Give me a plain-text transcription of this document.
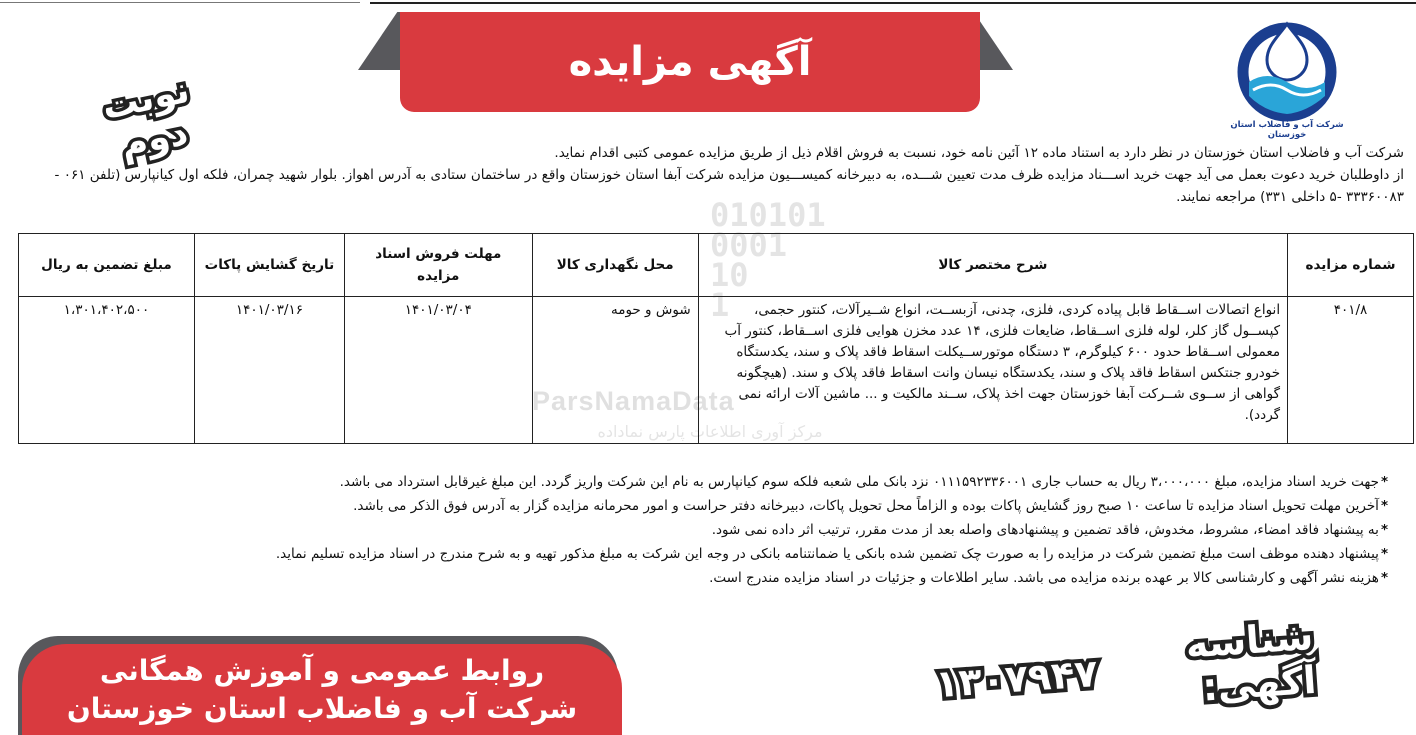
آگهی مزایده
شرکت آب و فاضلاب استان خوزستان
نوبت دوم	شرکت آب و فاضلاب استان خوزستان در نظر دارد به استناد ماده ۱۲ آئین نامه خود، نسبت به فروش اقلام ذیل از طریق مزایده عمومی کتبی اقدام نماید.

از داوطلبان خرید دعوت بعمل می آید جهت خرید اســـناد مزایده ظرف مدت تعیین شـــده، به دبیرخانه کمیســـیون مزایده شرکت آبفا استان خوزستان واقع در ساختمان ستادی به آدرس اهواز. بلوار شهید چمران، فلکه اول کیانپارس (تلفن ۰۶۱ - ۳۳۳۶۰۰۸۳ -۵ داخلی ۳۳۱) مراجعه نمایند.

010101
0001
10
1
ParsNamaData
مرکز آوری اطلاعات پارس نماداده
شماره مزایده	شرح مختصر کالا	محل نگهداری کالا	مهلت فروش اسناد مزایده	تاریخ گشایش پاکات	مبلغ تضمین به ریال
۴۰۱/۸	انواع اتصالات اســقاط قابل پیاده کردی، فلزی، چدنی، آزبســت، انواع شــیرآلات، کنتور حجمی، کپســول گاز کلر، لوله فلزی اســقاط، ضایعات فلزی، ۱۴ عدد مخزن هوایی فلزی اســقاط، کنتور آب معمولی اســقاط حدود ۶۰۰ کیلوگرم، ۳ دستگاه موتورســیکلت اسقاط فاقد پلاک و سند، یکدستگاه خودرو جنتکس اسقاط فاقد پلاک و سند، یکدستگاه نیسان وانت اسقاط فاقد پلاک و سند. (هیچگونه گواهی از ســوی شــرکت آبفا خوزستان جهت اخذ پلاک، ســند مالکیت و ... ماشین آلات ارائه نمی گردد).	شوش و حومه	۱۴۰۱/۰۳/۰۴	۱۴۰۱/۰۳/۱۶	۱،۳۰۱،۴۰۲،۵۰۰

*جهت خرید اسناد مزایده، مبلغ ۳،۰۰۰،۰۰۰ ریال به حساب جاری ۰۱۱۱۵۹۲۳۳۶۰۰۱ نزد بانک ملی شعبه فلکه سوم کیانپارس به نام این شرکت واریز گردد. این مبلغ غیرقابل استرداد می باشد.

*آخرین مهلت تحویل اسناد مزایده تا ساعت ۱۰ صبح روز گشایش پاکات بوده و الزاماً محل تحویل پاکات، دبیرخانه دفتر حراست و امور محرمانه مزایده گزار به آدرس فوق الذکر می باشد.

*به پیشنهاد فاقد امضاء، مشروط، مخدوش، فاقد تضمین و پیشنهادهای واصله بعد از مدت مقرر، ترتیب اثر داده نمی شود.

*پیشنهاد دهنده موظف است مبلغ تضمین شرکت در مزایده را به صورت چک تضمین شده بانکی یا ضمانتنامه بانکی در وجه این شرکت به مبلغ مذکور تهیه و به شرح مندرج در اسناد مزایده تسلیم نماید.

*هزینه نشر آگهی و کارشناسی کالا بر عهده برنده مزایده می باشد. سایر اطلاعات و جزئیات در اسناد مزایده مندرج است.

روابط عمومی و آموزش همگانی
شرکت آب و فاضلاب استان خوزستان
شناسه آگهی:
۱۳۰۷۹۴۷
